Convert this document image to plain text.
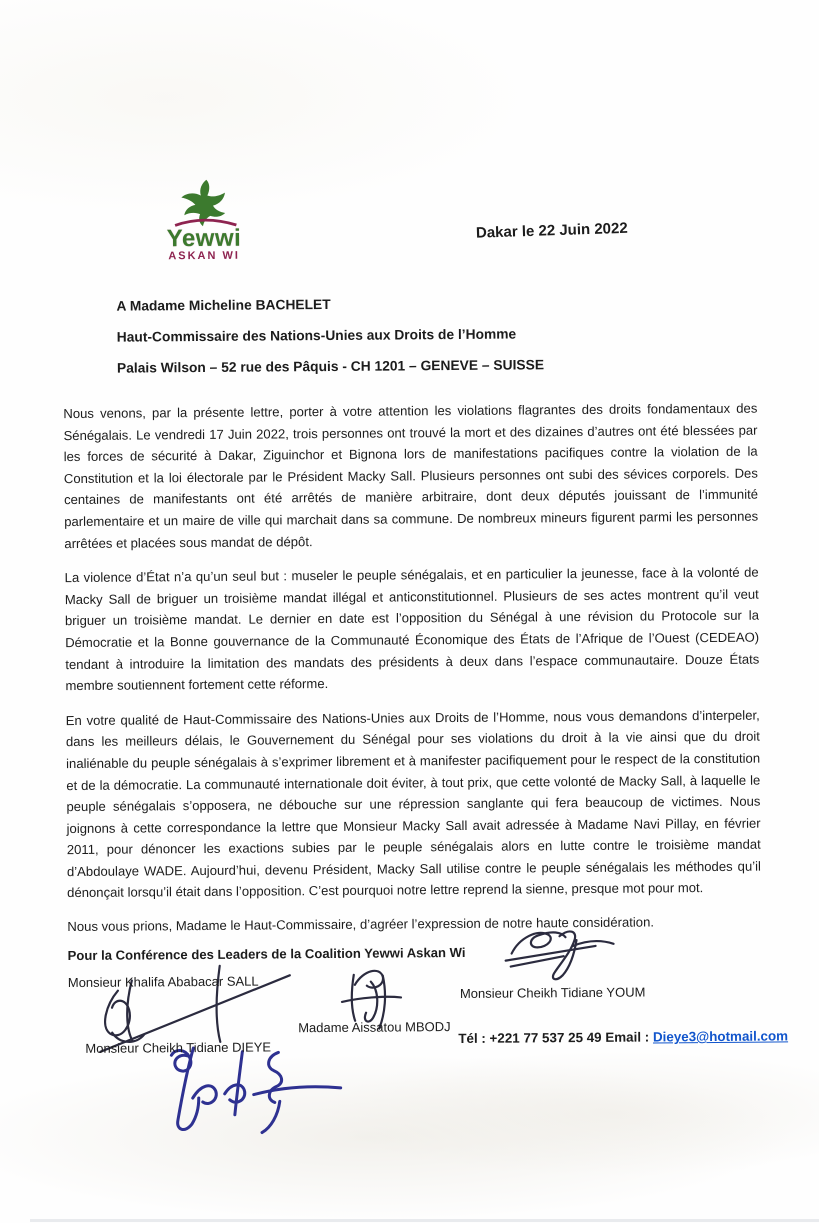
Yewwi
ASKAN WI
Dakar le 22 Juin 2022

A Madame Micheline BACHELET

Haut-Commissaire des Nations-Unies aux Droits de l’Homme

Palais Wilson – 52 rue des Pâquis - CH 1201 – GENEVE – SUISSE

Nous venons, par la présente lettre, porter à votre attention les violations flagrantes des droits fondamentaux des Sénégalais. Le vendredi 17 Juin 2022, trois personnes ont trouvé la mort et des dizaines d’autres ont été blessées par les forces de sécurité à Dakar, Ziguinchor et Bignona lors de manifestations pacifiques contre la violation de la Constitution et la loi électorale par le Président Macky Sall. Plusieurs personnes ont subi des sévices corporels. Des centaines de manifestants ont été arrêtés de manière arbitraire, dont deux députés jouissant de l’immunité parlementaire et un maire de ville qui marchait dans sa commune. De nombreux mineurs figurent parmi les personnes arrêtées et placées sous mandat de dépôt.

La violence d’État n’a qu’un seul but : museler le peuple sénégalais, et en particulier la jeunesse, face à la volonté de Macky Sall de briguer un troisième mandat illégal et anticonstitutionnel. Plusieurs de ses actes montrent qu’il veut briguer un troisième mandat. Le dernier en date est l’opposition du Sénégal à une révision du Protocole sur la Démocratie et la Bonne gouvernance de la Communauté Économique des États de l’Afrique de l’Ouest (CEDEAO) tendant à introduire la limitation des mandats des présidents à deux dans l’espace communautaire. Douze États membre soutiennent fortement cette réforme.

En votre qualité de Haut-Commissaire des Nations-Unies aux Droits de l’Homme, nous vous demandons d’interpeler, dans les meilleurs délais, le Gouvernement du Sénégal pour ses violations du droit à la vie ainsi que du droit inaliénable du peuple sénégalais à s’exprimer librement et à manifester pacifiquement pour le respect de la constitution et de la démocratie. La communauté internationale doit éviter, à tout prix, que cette volonté de Macky Sall, à laquelle le peuple sénégalais s’opposera, ne débouche sur une répression sanglante qui fera beaucoup de victimes. Nous joignons à cette correspondance la lettre que Monsieur Macky Sall avait adressée à Madame Navi Pillay, en février 2011, pour dénoncer les exactions subies par le peuple sénégalais alors en lutte contre le troisième mandat d’Abdoulaye WADE. Aujourd’hui, devenu Président, Macky Sall utilise contre le peuple sénégalais les méthodes qu’il dénonçait lorsqu’il était dans l’opposition. C’est pourquoi notre lettre reprend la sienne, presque mot pour mot.

Nous vous prions, Madame le Haut-Commissaire, d’agréer l’expression de notre haute considération.

Pour la Conférence des Leaders de la Coalition Yewwi Askan Wi

Monsieur Khalifa Ababacar SALL
Monsieur Cheikh Tidiane YOUM
Madame Aissatou MBODJ
Monsieur Cheikh Tidiane DIEYE
Tél : +221 77 537 25 49 Email : Dieye3@hotmail.com
